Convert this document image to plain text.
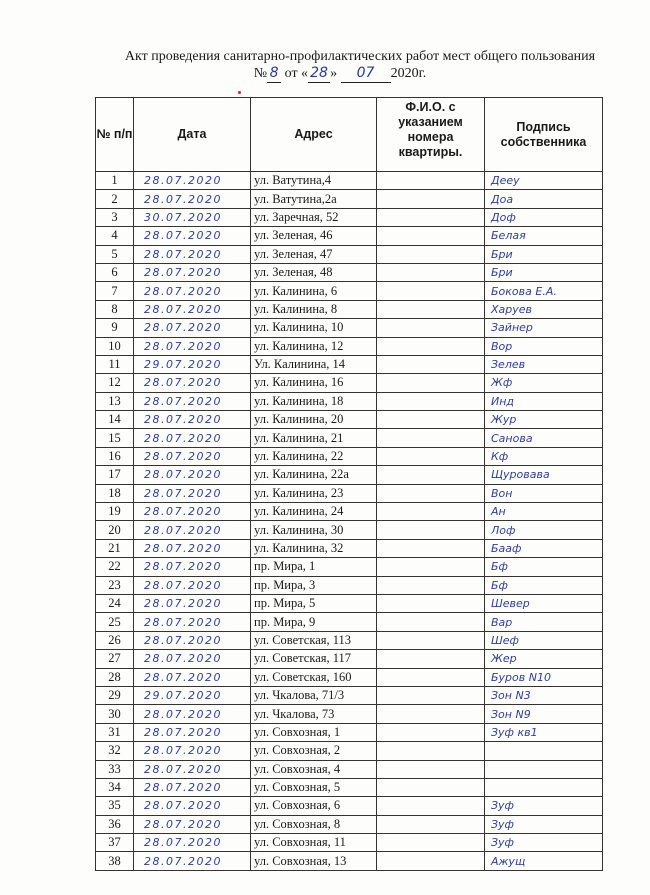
Акт проведения санитарно-профилактических работ мест общего пользования
№ 8 от « 28 » 07 2020г.
№ п/п	Дата	Адрес	Ф.И.О. с указанием номера квартиры.	Подпись собственника
1	28.07.2020	ул. Ватутина,4		Дееу
2	28.07.2020	ул. Ватутина,2а		Доа
3	30.07.2020	ул. Заречная, 52		Доф
4	28.07.2020	ул. Зеленая, 46		Белая
5	28.07.2020	ул. Зеленая, 47		Бри
6	28.07.2020	ул. Зеленая, 48		Бри
7	28.07.2020	ул. Калинина, 6		Бокова Е.А.
8	28.07.2020	ул. Калинина, 8		Харуев
9	28.07.2020	ул. Калинина, 10		Зайнер
10	28.07.2020	ул. Калинина, 12		Вор
11	29.07.2020	Ул. Калинина, 14		Зелев
12	28.07.2020	ул. Калинина, 16		Жф
13	28.07.2020	ул. Калинина, 18		Инд
14	28.07.2020	ул. Калинина, 20		Жур
15	28.07.2020	ул. Калинина, 21		Санова
16	28.07.2020	ул. Калинина, 22		Кф
17	28.07.2020	ул. Калинина, 22а		Щуровава
18	28.07.2020	ул. Калинина, 23		Вон
19	28.07.2020	ул. Калинина, 24		Ан
20	28.07.2020	ул. Калинина, 30		Лоф
21	28.07.2020	ул. Калинина, 32		Бааф
22	28.07.2020	пр. Мира, 1		Бф
23	28.07.2020	пр. Мира, 3		Бф
24	28.07.2020	пр. Мира, 5		Шевер
25	28.07.2020	пр. Мира, 9		Вар
26	28.07.2020	ул. Советская, 113		Шеф
27	28.07.2020	ул. Советская, 117		Жер
28	28.07.2020	ул. Советская, 160		Буров N10
29	29.07.2020	ул. Чкалова, 71/3		Зон N3
30	28.07.2020	ул. Чкалова, 73		Зон N9
31	28.07.2020	ул. Совхозная, 1		Зуф кв1
32	28.07.2020	ул. Совхозная, 2		
33	28.07.2020	ул. Совхозная, 4		
34	28.07.2020	ул. Совхозная, 5		
35	28.07.2020	ул. Совхозная, 6		Зуф
36	28.07.2020	ул. Совхозная, 8		Зуф
37	28.07.2020	ул. Совхозная, 11		Зуф
38	28.07.2020	ул. Совхозная, 13		Ажущ
